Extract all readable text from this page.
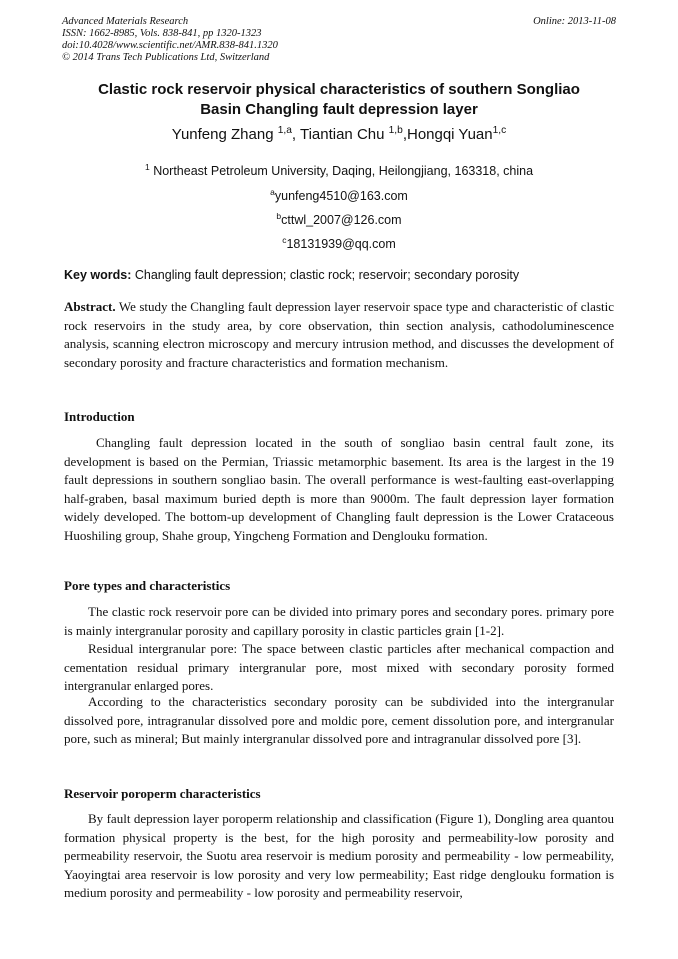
Advanced Materials Research
ISSN: 1662-8985, Vols. 838-841, pp 1320-1323
doi:10.4028/www.scientific.net/AMR.838-841.1320
© 2014 Trans Tech Publications Ltd, Switzerland
Online: 2013-11-08
Clastic rock reservoir physical characteristics of southern Songliao
Basin Changling fault depression layer
Yunfeng Zhang $^{1,a}$, Tiantian Chu $^{1,b}$,Hongqi Yuan$^{1,c}$
$^1$ Northeast Petroleum University, Daqing, Heilongjiang, 163318, china
$^a$yunfeng4510@163.com
$^b$cttwl_2007@126.com
$^c$18131939@qq.com
Key words: Changling fault depression; clastic rock; reservoir; secondary porosity

Abstract. We study the Changling fault depression layer reservoir space type and characteristic of clastic rock reservoirs in the study area, by core observation, thin section analysis, cathodoluminescence analysis, scanning electron microscopy and mercury intrusion method, and discusses the development of secondary porosity and fracture characteristics and formation mechanism.

Introduction

Changling fault depression located in the south of songliao basin central fault zone, its development is based on the Permian, Triassic metamorphic basement. Its area is the largest in the 19 fault depressions in southern songliao basin. The overall performance is west-faulting east-overlapping half-graben, basal maximum buried depth is more than 9000m. The fault depression layer formation widely developed. The bottom-up development of Changling fault depression is the Lower Crataceous Huoshiling group, Shahe group, Yingcheng Formation and Denglouku formation.

Pore types and characteristics

The clastic rock reservoir pore can be divided into primary pores and secondary pores. primary pore is mainly intergranular porosity and capillary porosity in clastic particles grain [1-2].

Residual intergranular pore: The space between clastic particles after mechanical compaction and cementation residual primary intergranular pore, most mixed with secondary porosity formed intergranular enlarged pores.

According to the characteristics secondary porosity can be subdivided into the intergranular dissolved pore, intragranular dissolved pore and moldic pore, cement dissolution pore, and intergranular pore, such as mineral; But mainly intergranular dissolved pore and intragranular dissolved pore [3].

Reservoir poroperm characteristics

By fault depression layer poroperm relationship and classification (Figure 1), Dongling area quantou formation physical property is the best, for the high porosity and permeability-low porosity and permeability reservoir, the Suotu area reservoir is medium porosity and permeability - low permeability, Yaoyingtai area reservoir is low porosity and very low permeability; East ridge denglouku formation is medium porosity and permeability - low porosity and permeability reservoir,
